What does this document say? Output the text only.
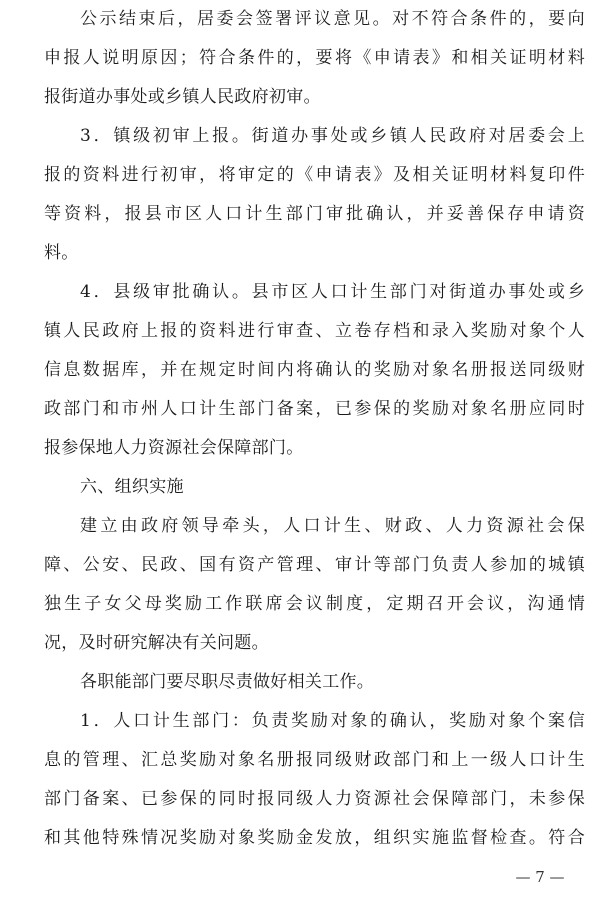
公示结束后，居委会签署评议意见。对不符合条件的，要向
申报人说明原因；符合条件的，要将《申请表》和相关证明材料
报街道办事处或乡镇人民政府初审。
3．镇级初审上报。街道办事处或乡镇人民政府对居委会上
报的资料进行初审，将审定的《申请表》及相关证明材料复印件
等资料，报县市区人口计生部门审批确认，并妥善保存申请资
料。
4．县级审批确认。县市区人口计生部门对街道办事处或乡
镇人民政府上报的资料进行审查、立卷存档和录入奖励对象个人
信息数据库，并在规定时间内将确认的奖励对象名册报送同级财
政部门和市州人口计生部门备案，已参保的奖励对象名册应同时
报参保地人力资源社会保障部门。
六、组织实施
建立由政府领导牵头，人口计生、财政、人力资源社会保
障、公安、民政、国有资产管理、审计等部门负责人参加的城镇
独生子女父母奖励工作联席会议制度，定期召开会议，沟通情
况，及时研究解决有关问题。
各职能部门要尽职尽责做好相关工作。
1．人口计生部门：负责奖励对象的确认，奖励对象个案信
息的管理、汇总奖励对象名册报同级财政部门和上一级人口计生
部门备案、已参保的同时报同级人力资源社会保障部门，未参保
和其他特殊情况奖励对象奖励金发放，组织实施监督检查。符合
— 7 —
